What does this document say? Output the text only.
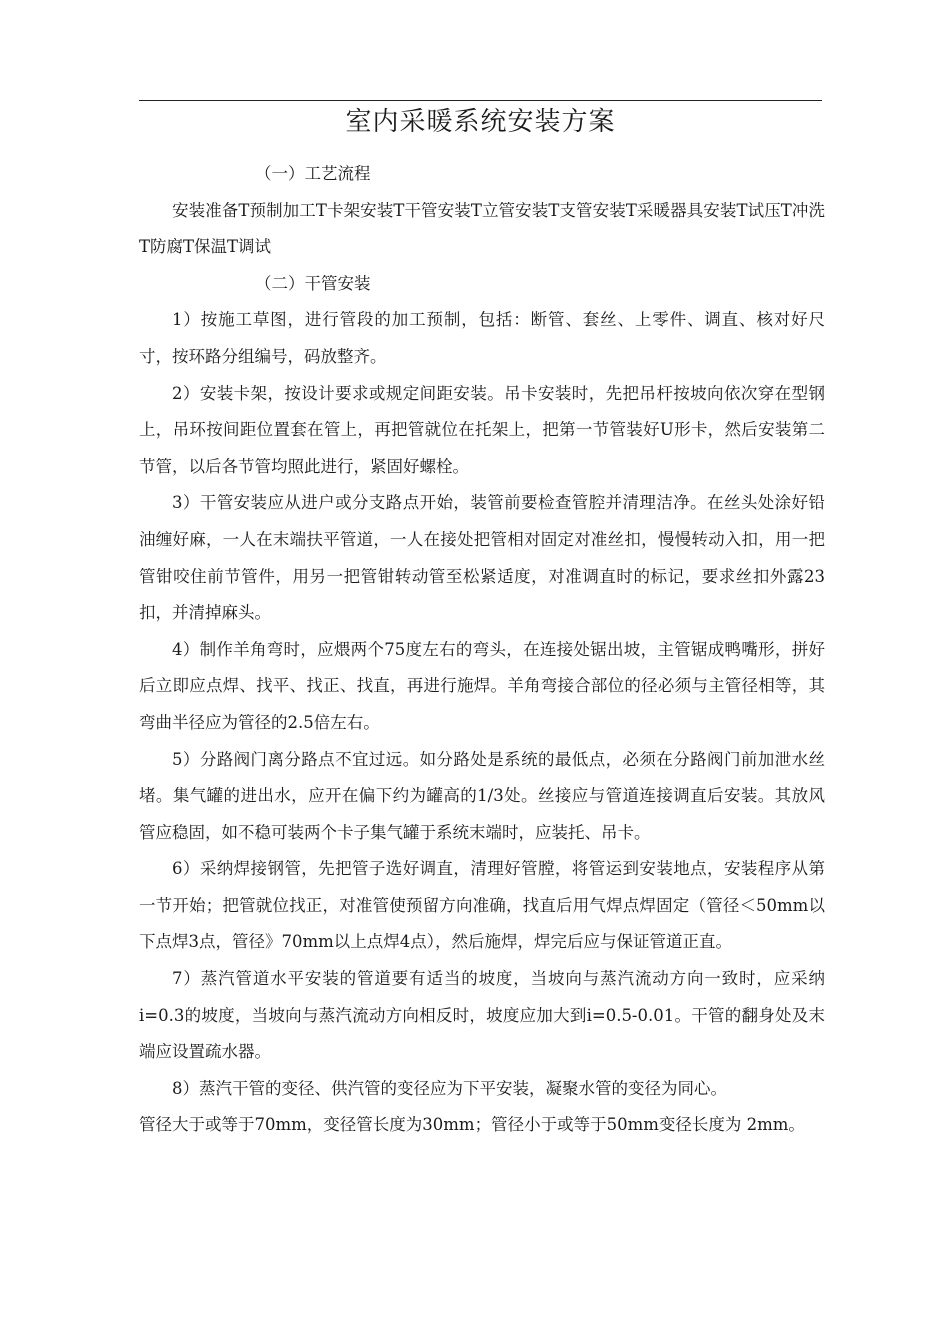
室内采暖系统安装方案

（一）工艺流程

安装准备T预制加工T卡架安装T干管安装T立管安装T支管安装T采暖器具安装T试压T冲洗T防腐T保温T调试

（二）干管安装

1）按施工草图，进行管段的加工预制，包括：断管、套丝、上零件、调直、核对好尺寸，按环路分组编号，码放整齐。

2）安装卡架，按设计要求或规定间距安装。吊卡安装时，先把吊杆按坡向依次穿在型钢上，吊环按间距位置套在管上，再把管就位在托架上，把第一节管装好U形卡，然后安装第二节管，以后各节管均照此进行，紧固好螺栓。

3）干管安装应从进户或分支路点开始，装管前要检查管腔并清理洁净。在丝头处涂好铅油缠好麻，一人在末端扶平管道，一人在接处把管相对固定对准丝扣，慢慢转动入扣，用一把管钳咬住前节管件，用另一把管钳转动管至松紧适度，对准调直时的标记，要求丝扣外露23扣，并清掉麻头。

4）制作羊角弯时，应煨两个75度左右的弯头，在连接处锯出坡，主管锯成鸭嘴形，拼好后立即应点焊、找平、找正、找直，再进行施焊。羊角弯接合部位的径必须与主管径相等，其弯曲半径应为管径的2.5倍左右。

5）分路阀门离分路点不宜过远。如分路处是系统的最低点，必须在分路阀门前加泄水丝堵。集气罐的进出水，应开在偏下约为罐高的1/3处。丝接应与管道连接调直后安装。其放风管应稳固，如不稳可装两个卡子集气罐于系统末端时，应装托、吊卡。

6）采纳焊接钢管，先把管子选好调直，清理好管膛，将管运到安装地点，安装程序从第一节开始；把管就位找正，对准管使预留方向准确，找直后用气焊点焊固定（管径＜50mm以下点焊3点，管径》70mm以上点焊4点），然后施焊，焊完后应与保证管道正直。

7）蒸汽管道水平安装的管道要有适当的坡度，当坡向与蒸汽流动方向一致时，应采纳i=0.3的坡度，当坡向与蒸汽流动方向相反时，坡度应加大到i=0.5-0.01。干管的翻身处及末端应设置疏水器。

8）蒸汽干管的变径、供汽管的变径应为下平安装，凝聚水管的变径为同心。

管径大于或等于70mm，变径管长度为30mm；管径小于或等于50mm变径长度为 2mm。
